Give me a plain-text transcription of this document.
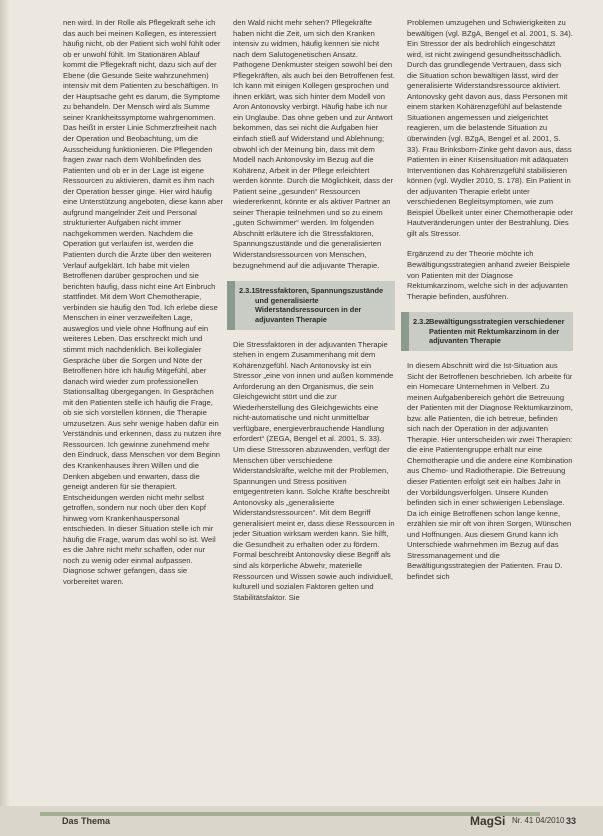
nen wird. In der Rolle als Pflegekraft sehe ich das auch bei meinen Kollegen, es interessiert häufig nicht, ob der Patient sich wohl fühlt oder ob er unwohl fühlt. Im Stationären Ablauf kommt die Pflegekraft nicht, dazu sich auf der Ebene (die Gesunde Seite wahrzunehmen) intensiv mit dem Patienten zu beschäftigen. In der Hauptsache geht es darum, die Symptome zu behandeln. Der Mensch wird als Summe seiner Krankheitssymptome wahrgenommen. Das heißt in erster Linie Schmerzfreiheit nach der Operation und Beobachtung, um die Ausscheidung funktionieren. Die Pflegenden fragen zwar nach dem Wohlbefinden des Patienten und ob er in der Lage ist eigene Ressourcen zu aktivieren, damit es ihm nach der Operation besser ginge. Hier wird häufig eine Unterstützung angeboten, diese kann aber aufgrund mangelnder Zeit und Personal strukturierter Aufgaben nicht immer nachgekommen werden. Nachdem die Operation gut verlaufen ist, werden die Patienten durch die Ärzte über den weiteren Verlauf aufgeklärt. Ich habe mit vielen Betroffenen darüber gesprochen und sie berichten häufig, dass nicht eine Art Einbruch stattfindet. Mit dem Wort Chemotherapie, verbinden sie häufig den Tod. Ich erlebe diese Menschen in einer verzweifelten Lage, ausweglos und viele ohne Hoffnung auf ein weiteres Leben. Das erschreckt mich und stimmt mich nachdenklich. Bei kollegialer Gespräche über die Sorgen und Nöte der Betroffenen höre ich häufig Mitgefühl, aber danach wird wieder zum professionellen Stationsalltag übergegangen. In Gesprächen mit den Patienten stelle ich häufig die Frage, ob sie sich vorstellen können, die Therapie umzusetzen. Aus sehr wenige haben dafür ein Verständnis und erkennen, dass zu nutzen ihre Ressourcen. Ich gewinne zunehmend mehr den Eindruck, dass Menschen vor dem Beginn des Krankenhauses ihren Willen und die Denken abgeben und erwarten, dass die geneigt anderen für sie therapiert. Entscheidungen werden nicht mehr selbst getroffen, sondern nur noch über den Kopf hinweg vom Krankenhauspersonal entschieden. In dieser Situation stelle ich mir häufig die Frage, warum das wohl so ist. Weil es die Jahre nicht mehr schaffen, oder nur noch zu wenig oder einmal aufpassen. Diagnose schwer gefangen, dass sie vorbereitet waren.

den Wald nicht mehr sehen? Pflegekräfte haben nicht die Zeit, um sich den Kranken intensiv zu widmen, häufig kennen sie nicht nach dem Salutogenetischen Ansatz. Pathogene Denkmuster steigen sowohl bei den Pflegekräften, als auch bei den Betroffenen fest. Ich kann mit einigen Kollegen gesprochen und ihnen erklärt, was sich hinter dem Modell von Aron Antonovsky verbirgt. Häufig habe ich nur ein Unglaube. Das ohne geben und zur Antwort bekommen, das sei nicht die Aufgaben hier einfach stieß auf Widerstand und Ablehnung; obwohl ich der Meinung bin, dass mit dem Modell nach Antonovsky im Bezug auf die Kohärenz, Arbeit in der Pflege erleichtert werden könnte. Durch die Möglichkeit, dass der Patient seine „gesunden“ Ressourcen wiedererkennt, könnte er als aktiver Partner an seiner Therapie teilnehmen und so zu einem „guten Schwimmer“ werden. Im folgenden Abschnitt erläutere ich die Stressfaktoren, Spannungszustände und die generalisierten Widerstandsressourcen von Menschen, bezugnehmend auf die adjuvante Therapie.

2.3.1 Stressfaktoren, Spannungszustände und generalisierte Widerstandsressourcen in der adjuvanten Therapie

Die Stressfaktoren in der adjuvanten Therapie stehen in engem Zusammenhang mit dem Kohärenzgefühl. Nach Antonovsky ist ein Stressor „eine von innen und außen kommende Anforderung an den Organismus, die sein Gleichgewicht stört und die zur Wiederherstellung des Gleichgewichts eine nicht-automatische und nicht unmittelbar verfügbare, energieverbrauchende Handlung erfordert“ (ZEGA, Bengel et al. 2001, S. 33). Um diese Stressoren abzuwenden, verfügt der Menschen über verschiedene Widerstandskräfte, welche mit der Problemen, Spannungen und Stress positiven entgegentreten kann. Solche Kräfte beschreibt Antonovsky als „generalisierte Widerstandsressourcen“. Mit dem Begriff generalisiert meint er, dass diese Ressourcen in jeder Situation wirksam werden kann. Sie hilft, die Gesundheit zu erhalten oder zu fördern. Formal beschreibt Antonovsky diese Begriff als sind als körperliche Abwehr, materielle Ressourcen und Wissen sowie auch individuell, kulturell und sozialen Faktoren gelten und Stabilitätsfaktor. Sie

Problemen umzugehen und Schwierigkeiten zu bewältigen (vgl. BZgA, Bengel et al. 2001, S. 34). Ein Stressor der als bedrohlich eingeschätzt wird, ist nicht zwingend gesundheitsschädlich. Durch das grundlegende Vertrauen, dass sich die Situation schon bewältigen lässt, wird der generalisierte Widerstandsressource aktiviert. Antonovsky geht davon aus, dass Personen mit einem starken Kohärenzgefühl auf belastende Situationen angemessen und zielgerichtet reagieren, um die belastende Situation zu überwinden (vgl. BZgA, Bengel et al. 2001, S. 33). Frau Brinksborn-Zinke geht davon aus, dass Patienten in einer Krisensituation mit adäquaten Interventionen das Kohärenzgefühl stabilisieren können (vgl. Wydler 2010, S. 178). Ein Patient in der adjuvanten Therapie erlebt unter verschiedenen Begleitsymptomen, wie zum Beispiel Übelkeit unter einer Chemotherapie oder Hautveränderungen unter der Bestrahlung. Dies gilt als Stressor.

Ergänzend zu der Theorie möchte ich Bewältigungsstrategien anhand zweier Beispiele von Patienten mit der Diagnose Rektumkarzinom, welche sich in der adjuvanten Therapie befinden, ausführen.

2.3.2 Bewältigungsstrategien verschiedener Patienten mit Rektumkarzinom in der adjuvanten Therapie

In diesem Abschnitt wird die Ist-Situation aus Sicht der Betroffenen beschrieben. Ich arbeite für ein Homecare Unternehmen in Velbert. Zu meinen Aufgabenbereich gehört die Betreuung der Patienten mit der Diagnose Rektumkarzinom, bzw. alle Patienten, die ich betreue, befinden sich nach der Operation in der adjuvanten Therapie. Hier unterscheiden wir zwei Therapien: die eine Patientengruppe erhält nur eine Chemotherapie und die andere eine Kombination aus Chemo- und Radiotherapie. Die Betreuung dieser Patienten erfolgt seit ein halbes Jahr in der Vorbildungsverfolgen. Unsere Kunden befinden sich in einer schwierigen Lebenslage. Da ich einige Betroffenen schon lange kenne, erzählen sie mir oft von ihren Sorgen, Wünschen und Hoffnungen. Aus diesem Grund kann ich Unterschiede wahrnehmen im Bezug auf das Stressmanagement und die Bewältigungsstrategien der Patienten. Frau D. befindet sich

Das Thema	MagSi Nr. 41 04/2010 33
